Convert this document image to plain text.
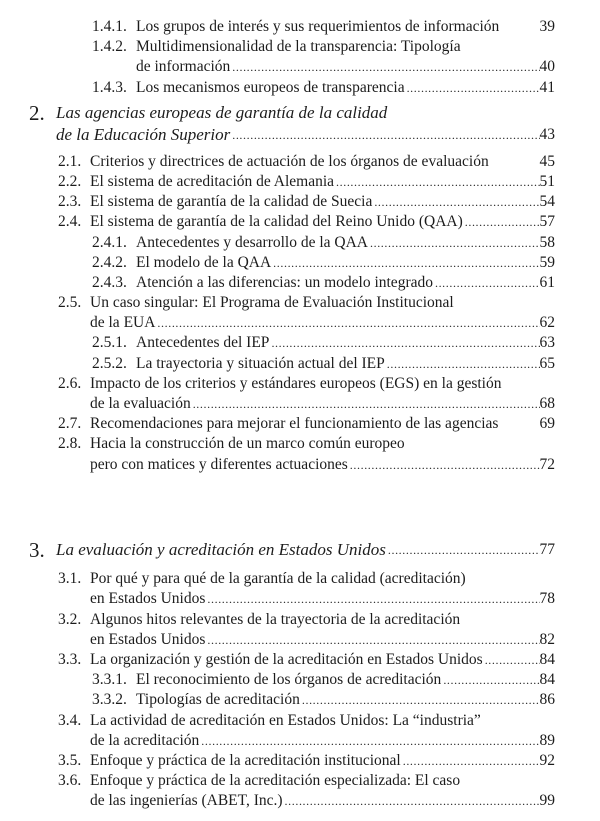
1.4.1. Los grupos de interés y sus requerimientos de información	39
1.4.2. Multidimensionalidad de la transparencia: Tipología
de información .....	40
1.4.3. Los mecanismos europeos de transparencia .....	41
2. Las agencias europeas de garantía de la calidad
de la Educación Superior .....	43
2.1. Criterios y directrices de actuación de los órganos de evaluación	45
2.2. El sistema de acreditación de Alemania .....	51
2.3. El sistema de garantía de la calidad de Suecia .....	54
2.4. El sistema de garantía de la calidad del Reino Unido (QAA) .....	57
2.4.1. Antecedentes y desarrollo de la QAA .....	58
2.4.2. El modelo de la QAA .....	59
2.4.3. Atención a las diferencias: un modelo integrado .....	61
2.5. Un caso singular: El Programa de Evaluación Institucional
de la EUA .....	62
2.5.1. Antecedentes del IEP .....	63
2.5.2. La trayectoria y situación actual del IEP .....	65
2.6. Impacto de los criterios y estándares europeos (EGS) en la gestión
de la evaluación .....	68
2.7. Recomendaciones para mejorar el funcionamiento de las agencias	69
2.8. Hacia la construcción de un marco común europeo
pero con matices y diferentes actuaciones .....	72
3. La evaluación y acreditación en Estados Unidos .....	77
3.1. Por qué y para qué de la garantía de la calidad (acreditación)
en Estados Unidos .....	78
3.2. Algunos hitos relevantes de la trayectoria de la acreditación
en Estados Unidos .....	82
3.3. La organización y gestión de la acreditación en Estados Unidos .....	84
3.3.1. El reconocimiento de los órganos de acreditación .....	84
3.3.2. Tipologías de acreditación .....	86
3.4. La actividad de acreditación en Estados Unidos: La “industria”
de la acreditación .....	89
3.5. Enfoque y práctica de la acreditación institucional .....	92
3.6. Enfoque y práctica de la acreditación especializada: El caso
de las ingenierías (ABET, Inc.) .....	99
